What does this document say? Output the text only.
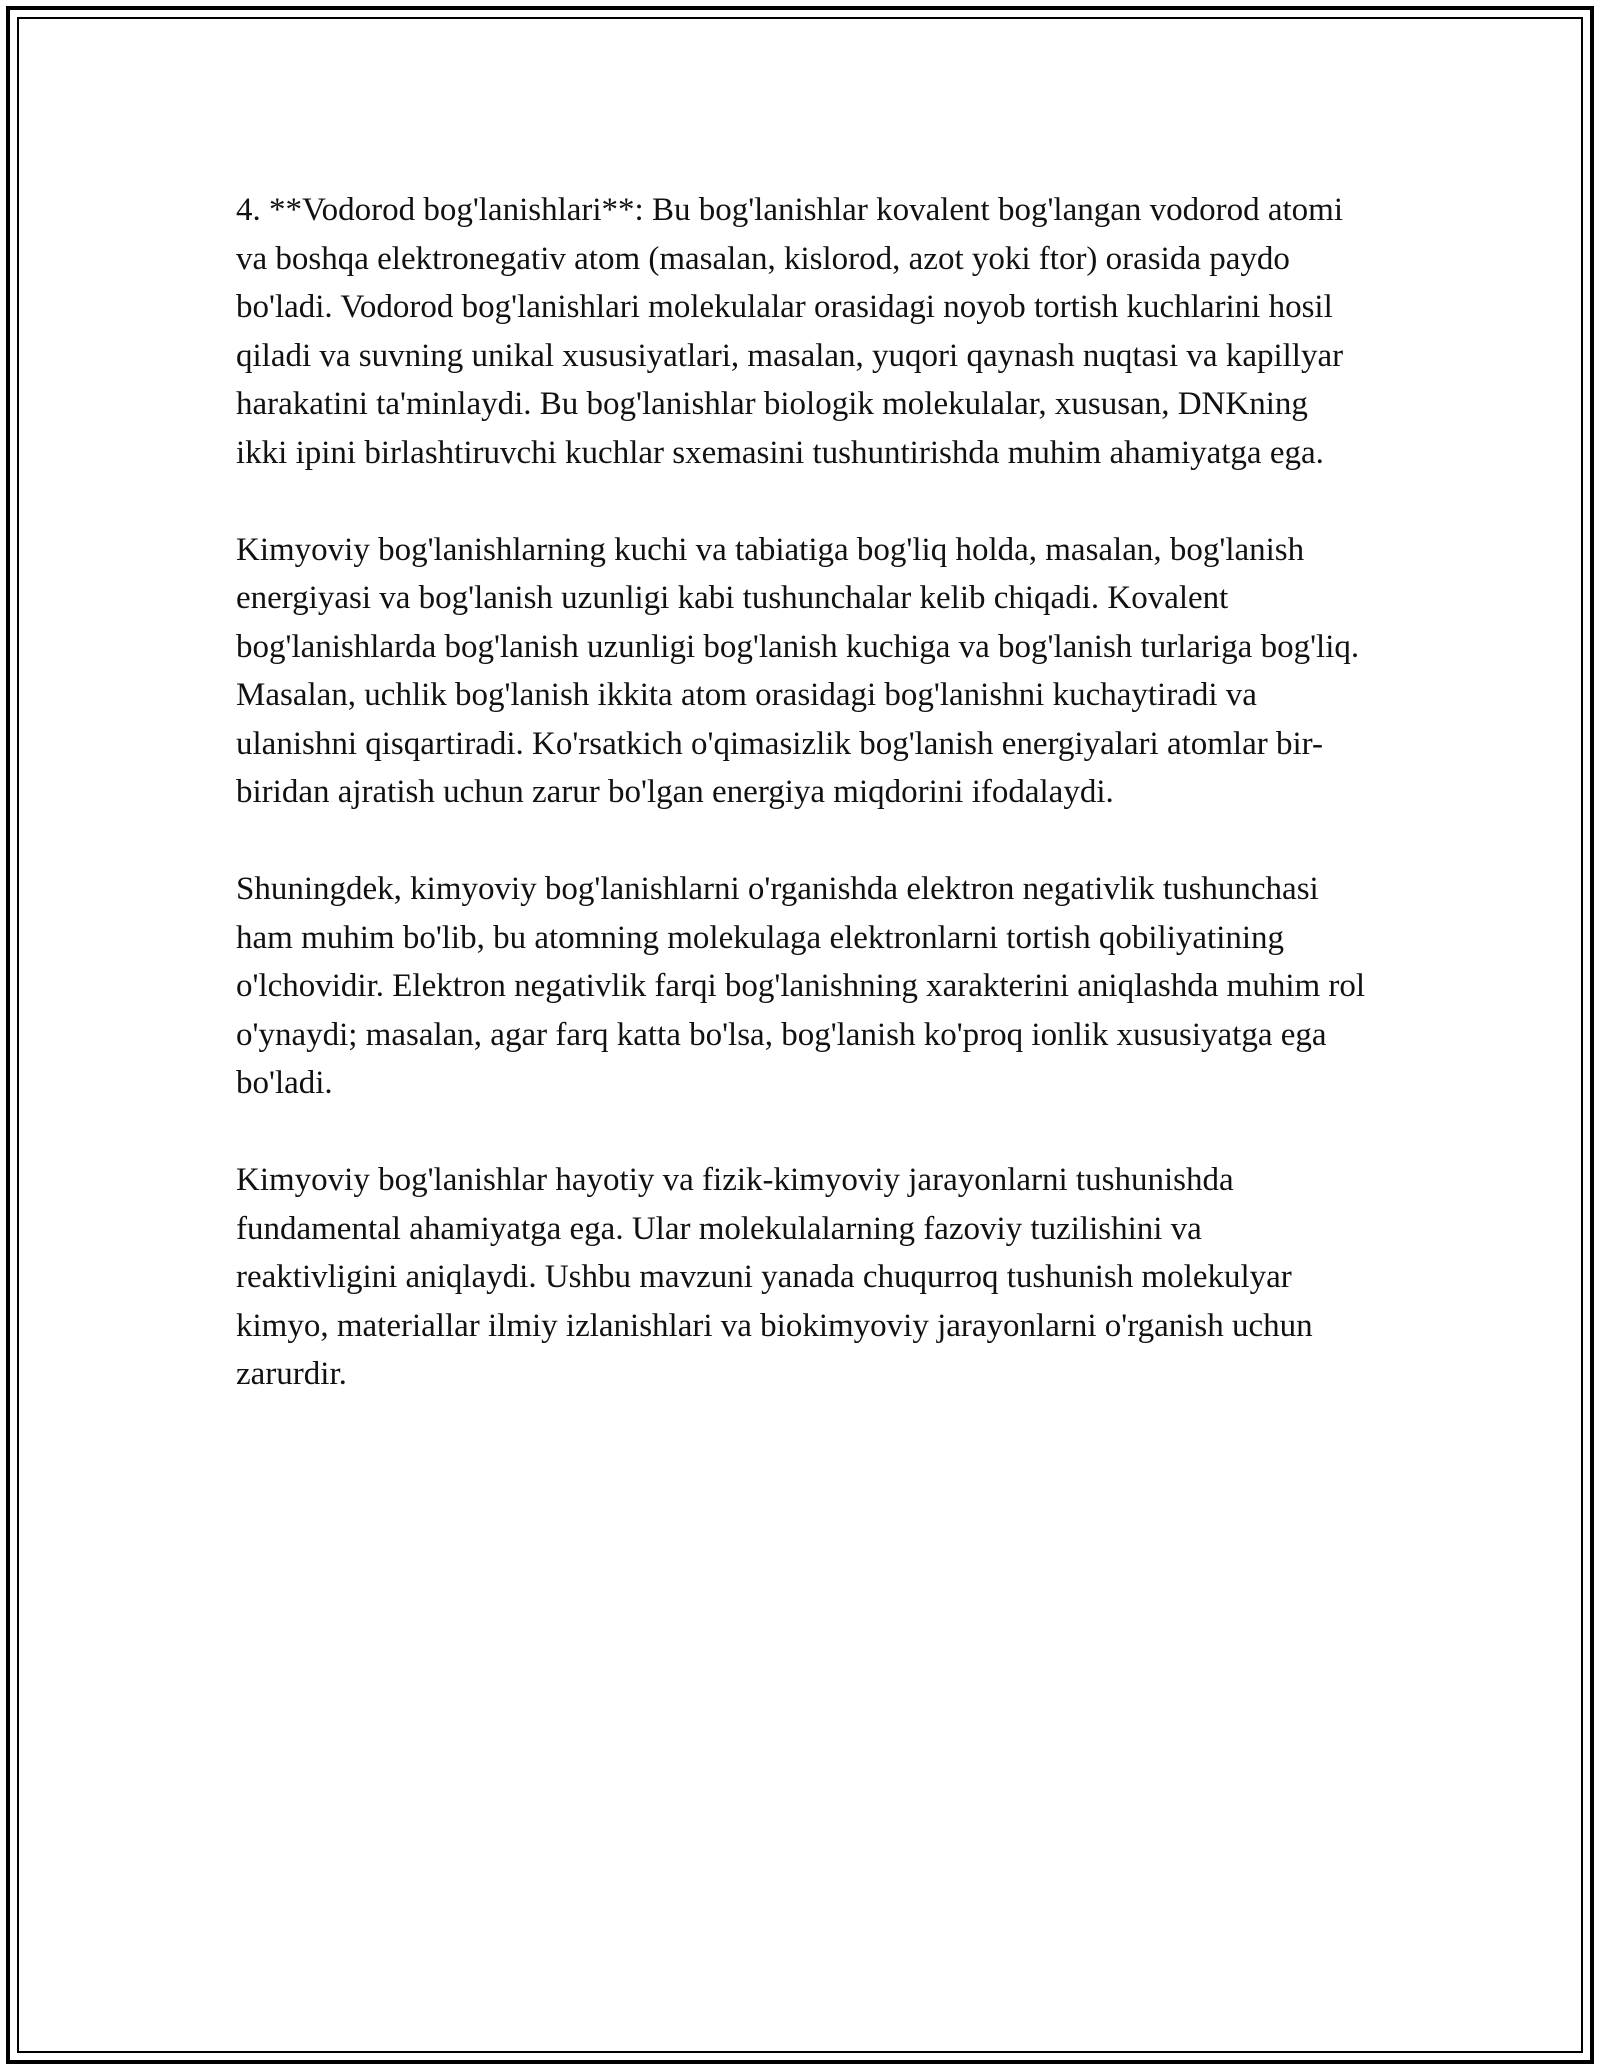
4. **Vodorod bog'lanishlari**: Bu bog'lanishlar kovalent bog'langan vodorod atomi va boshqa elektronegativ atom (masalan, kislorod, azot yoki ftor) orasida paydo bo'ladi. Vodorod bog'lanishlari molekulalar orasidagi noyob tortish kuchlarini hosil qiladi va suvning unikal xususiyatlari, masalan, yuqori qaynash nuqtasi va kapillyar harakatini ta'minlaydi. Bu bog'lanishlar biologik molekulalar, xususan, DNKning ikki ipini birlashtiruvchi kuchlar sxemasini tushuntirishda muhim ahamiyatga ega.

Kimyoviy bog'lanishlarning kuchi va tabiatiga bog'liq holda, masalan, bog'lanish energiyasi va bog'lanish uzunligi kabi tushunchalar kelib chiqadi. Kovalent bog'lanishlarda bog'lanish uzunligi bog'lanish kuchiga va bog'lanish turlariga bog'liq. Masalan, uchlik bog'lanish ikkita atom orasidagi bog'lanishni kuchaytiradi va ulanishni qisqartiradi. Ko'rsatkich o'qimasizlik bog'lanish energiyalari atomlar bir-biridan ajratish uchun zarur bo'lgan energiya miqdorini ifodalaydi.

Shuningdek, kimyoviy bog'lanishlarni o'rganishda elektron negativlik tushunchasi ham muhim bo'lib, bu atomning molekulaga elektronlarni tortish qobiliyatining o'lchovidir. Elektron negativlik farqi bog'lanishning xarakterini aniqlashda muhim rol o'ynaydi; masalan, agar farq katta bo'lsa, bog'lanish ko'proq ionlik xususiyatga ega bo'ladi.

Kimyoviy bog'lanishlar hayotiy va fizik-kimyoviy jarayonlarni tushunishda fundamental ahamiyatga ega. Ular molekulalarning fazoviy tuzilishini va reaktivligini aniqlaydi. Ushbu mavzuni yanada chuqurroq tushunish molekulyar kimyo, materiallar ilmiy izlanishlari va biokimyoviy jarayonlarni o'rganish uchun zarurdir.
